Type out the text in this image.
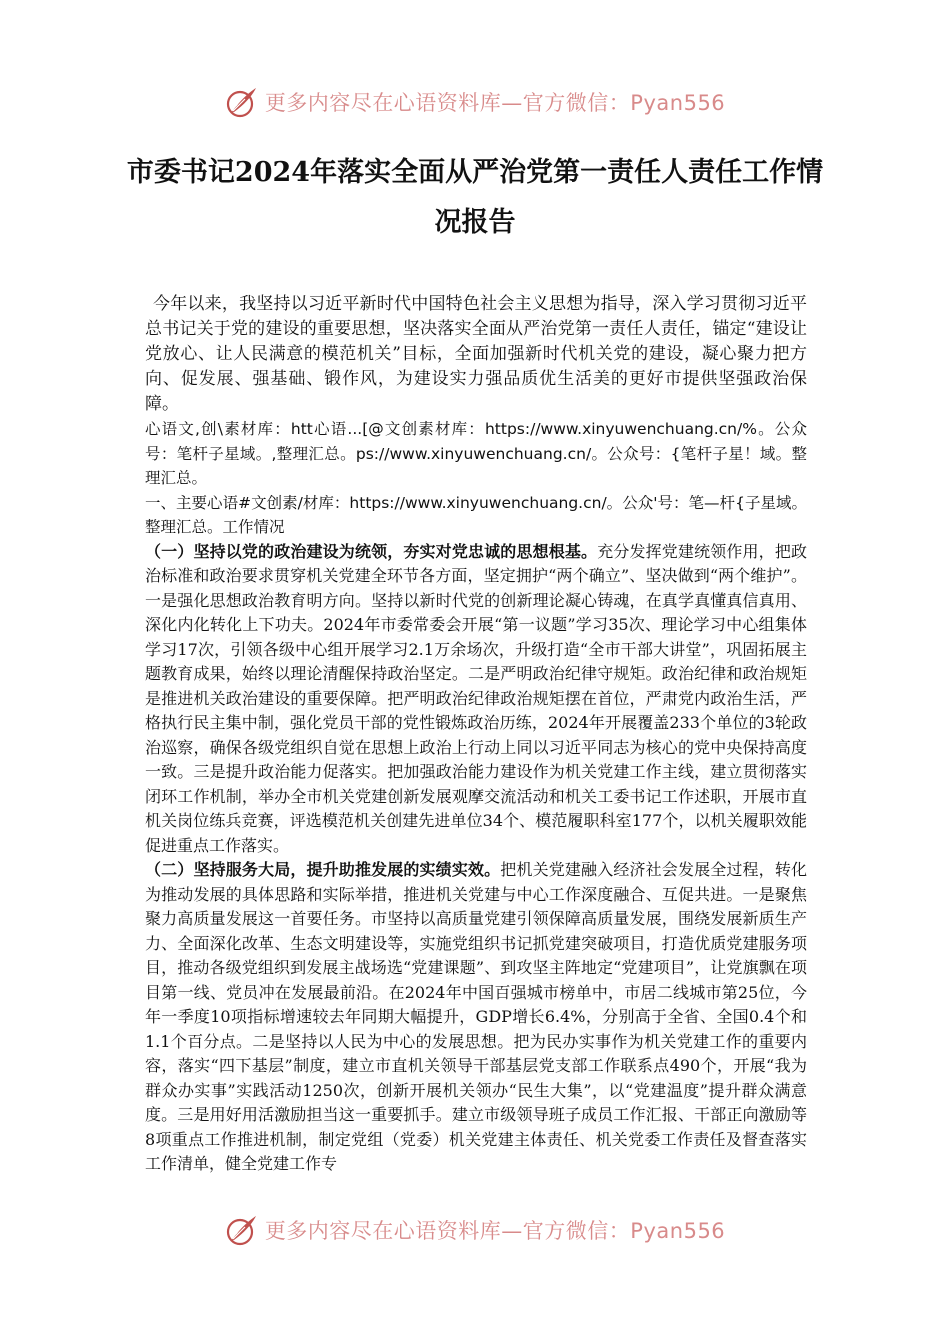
更多内容尽在心语资料库—官方微信：Pyan556
市委书记2024年落实全面从严治党第一责任人责任工作情况报告

今年以来，我坚持以习近平新时代中国特色社会主义思想为指导，深入学习贯彻习近平总书记关于党的建设的重要思想，坚决落实全面从严治党第一责任人责任，锚定“建设让党放心、让人民满意的模范机关”目标，全面加强新时代机关党的建设，凝心聚力把方向、促发展、强基础、锻作风，为建设实力强品质优生活美的更好市提供坚强政治保障。

心语文,创\素材库：htt心语...[@文创素材库：https://www.xinyuwenchuang.cn/%。公众号：笔杆子星域。,整理汇总。ps://www.xinyuwenchuang.cn/。公众号：{笔杆子星！域。整理汇总。

一、主要心语#文创素/材库：https://www.xinyuwenchuang.cn/。公众'号：笔—杆{子星域。整理汇总。工作情况

（一）坚持以党的政治建设为统领，夯实对党忠诚的思想根基。充分发挥党建统领作用，把政治标准和政治要求贯穿机关党建全环节各方面，坚定拥护“两个确立”、坚决做到“两个维护”。一是强化思想政治教育明方向。坚持以新时代党的创新理论凝心铸魂，在真学真懂真信真用、深化内化转化上下功夫。2024年市委常委会开展“第一议题”学习35次、理论学习中心组集体学习17次，引领各级中心组开展学习2.1万余场次，升级打造“全市干部大讲堂”，巩固拓展主题教育成果，始终以理论清醒保持政治坚定。二是严明政治纪律守规矩。政治纪律和政治规矩是推进机关政治建设的重要保障。把严明政治纪律政治规矩摆在首位，严肃党内政治生活，严格执行民主集中制，强化党员干部的党性锻炼政治历练，2024年开展覆盖233个单位的3轮政治巡察，确保各级党组织自觉在思想上政治上行动上同以习近平同志为核心的党中央保持高度一致。三是提升政治能力促落实。把加强政治能力建设作为机关党建工作主线，建立贯彻落实闭环工作机制，举办全市机关党建创新发展观摩交流活动和机关工委书记工作述职，开展市直机关岗位练兵竞赛，评选模范机关创建先进单位34个、模范履职科室177个，以机关履职效能促进重点工作落实。

（二）坚持服务大局，提升助推发展的实绩实效。把机关党建融入经济社会发展全过程，转化为推动发展的具体思路和实际举措，推进机关党建与中心工作深度融合、互促共进。一是聚焦聚力高质量发展这一首要任务。市坚持以高质量党建引领保障高质量发展，围绕发展新质生产力、全面深化改革、生态文明建设等，实施党组织书记抓党建突破项目，打造优质党建服务项目，推动各级党组织到发展主战场选“党建课题”、到攻坚主阵地定“党建项目”，让党旗飘在项目第一线、党员冲在发展最前沿。在2024年中国百强城市榜单中，市居二线城市第25位，今年一季度10项指标增速较去年同期大幅提升，GDP增长6.4%，分别高于全省、全国0.4个和1.1个百分点。二是坚持以人民为中心的发展思想。把为民办实事作为机关党建工作的重要内容，落实“四下基层”制度，建立市直机关领导干部基层党支部工作联系点490个，开展“我为群众办实事”实践活动1250次，创新开展机关领办“民生大集”，以“党建温度”提升群众满意度。三是用好用活激励担当这一重要抓手。建立市级领导班子成员工作汇报、干部正向激励等8项重点工作推进机制，制定党组（党委）机关党建主体责任、机关党委工作责任及督查落实工作清单，健全党建工作专

更多内容尽在心语资料库—官方微信：Pyan556
